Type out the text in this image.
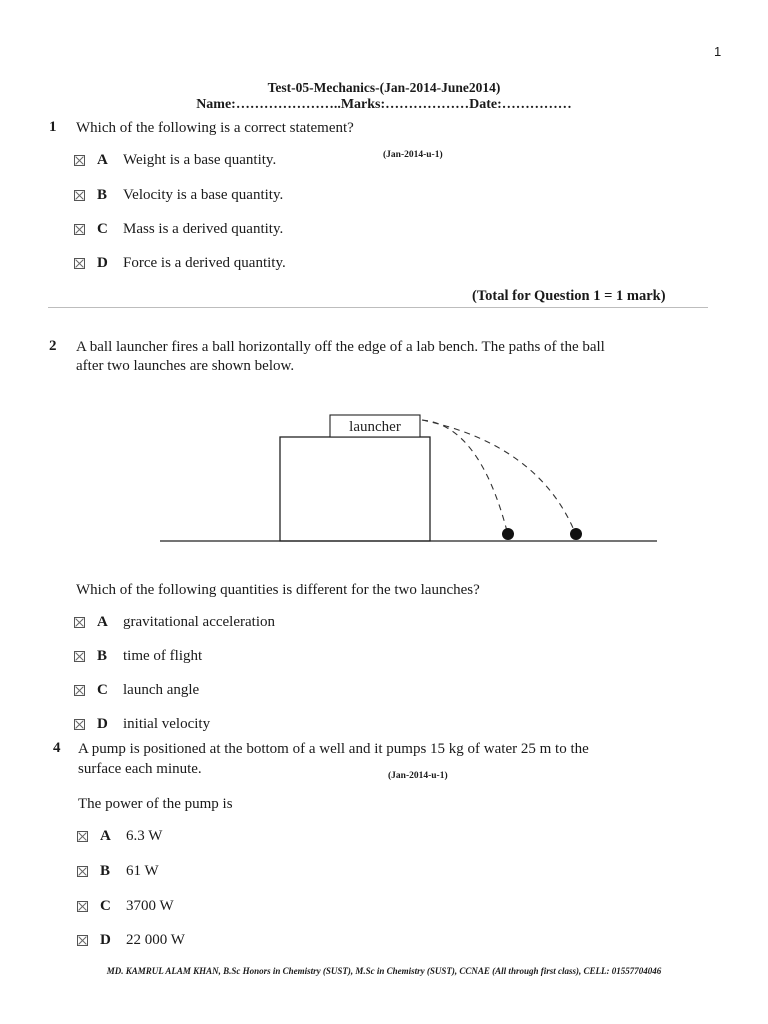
1
Test-05-Mechanics-(Jan-2014-June2014)
Name:…………………..Marks:………………Date:……………
1 Which of the following is a correct statement?
(Jan-2014-u-1)
A	Weight is a base quantity.
B	Velocity is a base quantity.
C	Mass is a derived quantity.
D	Force is a derived quantity.
(Total for Question 1 = 1 mark)
2 A ball launcher fires a ball horizontally off the edge of a lab bench. The paths of the ball
after two launches are shown below.
launcher
Which of the following quantities is different for the two launches?
A	gravitational acceleration
B	time of flight
C	launch angle
D	initial velocity
4 A pump is positioned at the bottom of a well and it pumps 15 kg of water 25 m to the
surface each minute.	(Jan-2014-u-1)
The power of the pump is
A	6.3 W
B	61 W
C	3700 W
D	22 000 W
MD. KAMRUL ALAM KHAN, B.Sc Honors in Chemistry (SUST), M.Sc in Chemistry (SUST), CCNAE (All through first class), CELL: 01557704046
